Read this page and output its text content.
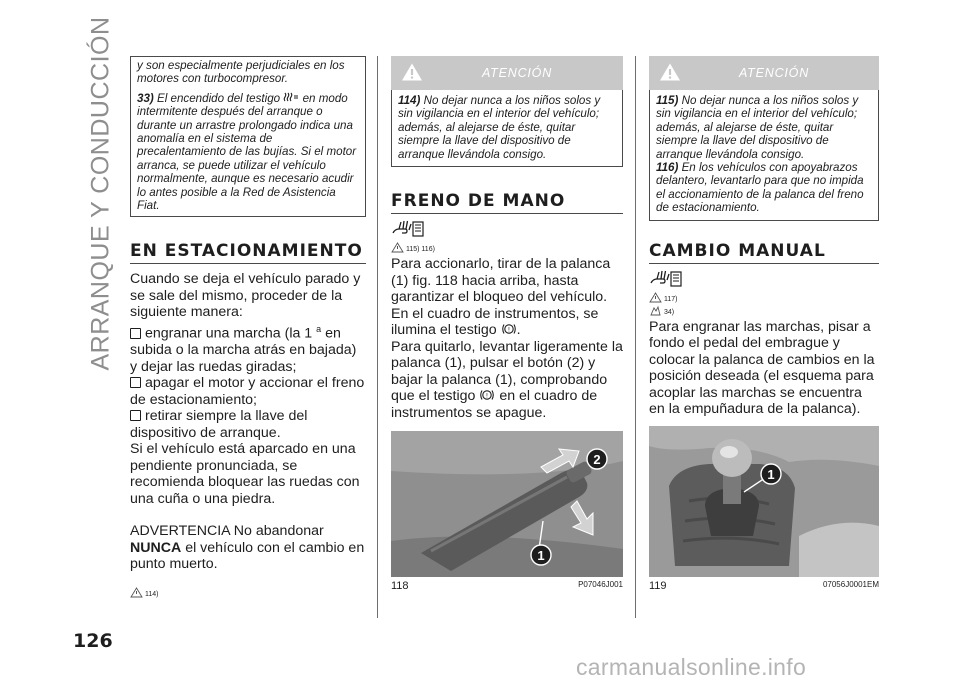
ARRANQUE Y CONDUCCIÓN
126

y son especialmente perjudiciales en los motores con turbocompresor.

33) El encendido del testigo en modo intermitente después del arranque o durante un arrastre prolongado indica una anomalía en el sistema de precalentamiento de las bujías. Si el motor arranca, se puede utilizar el vehículo normalmente, aunque es necesario acudir lo antes posible a la Red de Asistencia Fiat.

EN ESTACIONAMIENTO

Cuando se deja el vehículo parado y se sale del mismo, proceder de la siguiente manera:

engranar una marcha (la 1 $^a$ en subida o la marcha atrás en bajada) y dejar las ruedas giradas;

apagar el motor y accionar el freno de estacionamiento;

retirar siempre la llave del dispositivo de arranque.

Si el vehículo está aparcado en una pendiente pronunciada, se recomienda bloquear las ruedas con una cuña o una piedra.

ADVERTENCIA No abandonar NUNCA el vehículo con el cambio en punto muerto.

114)
ATENCIÓN

114) No dejar nunca a los niños solos y sin vigilancia en el interior del vehículo; además, al alejarse de éste, quitar siempre la llave del dispositivo de arranque llevándola consigo.

FRENO DE MANO
115) 116)

Para accionarlo, tirar de la palanca (1) fig. 118 hacia arriba, hasta garantizar el bloqueo del vehículo.

En el cuadro de instrumentos, se ilumina el testigo ! .

Para quitarlo, levantar ligeramente la palanca (1), pulsar el botón (2) y bajar la palanca (1), comprobando que el testigo ! en el cuadro de instrumentos se apague.

1
2
118	P07046J001
ATENCIÓN

115) No dejar nunca a los niños solos y sin vigilancia en el interior del vehículo; además, al alejarse de éste, quitar siempre la llave del dispositivo de arranque llevándola consigo.

116) En los vehículos con apoyabrazos delantero, levantarlo para que no impida el accionamiento de la palanca del freno de estacionamiento.

CAMBIO MANUAL
117)
34)

Para engranar las marchas, pisar a fondo el pedal del embrague y colocar la palanca de cambios en la posición deseada (el esquema para acoplar las marchas se encuentra en la empuñadura de la palanca).

1
119	07056J0001EM
carmanualsonline.info
